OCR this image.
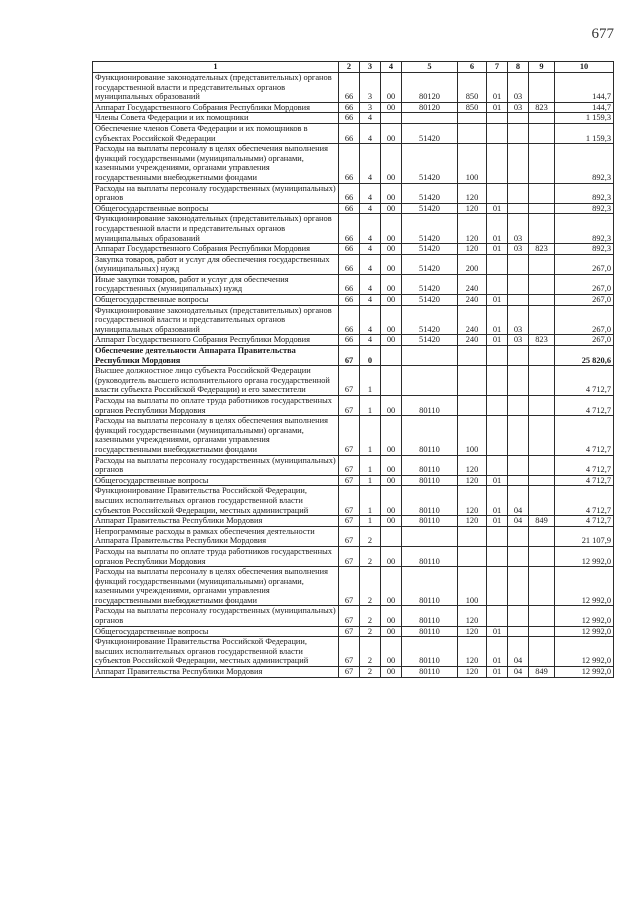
677
1	2	3	4	5	6	7	8	9	10
Функционирование законодательных (представительных) органов государственной власти и представительных органов муниципальных образований	66	3	00	80120	850	01	03		144,7
Аппарат Государственного Собрания Республики Мордовия	66	3	00	80120	850	01	03	823	144,7
Члены Совета Федерации и их помощники	66	4							1 159,3
Обеспечение членов Совета Федерации и их помощников в субъектах Российской Федерации	66	4	00	51420					1 159,3
Расходы на выплаты персоналу в целях обеспечения выполнения функций государственными (муниципальными) органами, казенными учреждениями, органами управления государственными внебюджетными фондами	66	4	00	51420	100				892,3
Расходы на выплаты персоналу государственных (муниципальных) органов	66	4	00	51420	120				892,3
Общегосударственные вопросы	66	4	00	51420	120	01			892,3
Функционирование законодательных (представительных) органов государственной власти и представительных органов муниципальных образований	66	4	00	51420	120	01	03		892,3
Аппарат Государственного Собрания Республики Мордовия	66	4	00	51420	120	01	03	823	892,3
Закупка товаров, работ и услуг для обеспечения государственных (муниципальных) нужд	66	4	00	51420	200				267,0
Иные закупки товаров, работ и услуг для обеспечения государственных (муниципальных) нужд	66	4	00	51420	240				267,0
Общегосударственные вопросы	66	4	00	51420	240	01			267,0
Функционирование законодательных (представительных) органов государственной власти и представительных органов муниципальных образований	66	4	00	51420	240	01	03		267,0
Аппарат Государственного Собрания Республики Мордовия	66	4	00	51420	240	01	03	823	267,0
Обеспечение деятельности Аппарата Правительства Республики Мордовия	67	0							25 820,6
Высшее должностное лицо субъекта Российской Федерации (руководитель высшего исполнительного органа государственной власти субъекта Российской Федерации) и его заместители	67	1							4 712,7
Расходы на выплаты по оплате труда работников государственных органов Республики Мордовия	67	1	00	80110					4 712,7
Расходы на выплаты персоналу в целях обеспечения выполнения функций государственными (муниципальными) органами, казенными учреждениями, органами управления государственными внебюджетными фондами	67	1	00	80110	100				4 712,7
Расходы на выплаты персоналу государственных (муниципальных) органов	67	1	00	80110	120				4 712,7
Общегосударственные вопросы	67	1	00	80110	120	01			4 712,7
Функционирование Правительства Российской Федерации, высших исполнительных органов государственной власти субъектов Российской Федерации, местных администраций	67	1	00	80110	120	01	04		4 712,7
Аппарат Правительства Республики Мордовия	67	1	00	80110	120	01	04	849	4 712,7
Непрограммные расходы в рамках обеспечения деятельности Аппарата Правительства Республики Мордовия	67	2							21 107,9
Расходы на выплаты по оплате труда работников государственных органов Республики Мордовия	67	2	00	80110					12 992,0
Расходы на выплаты персоналу в целях обеспечения выполнения функций государственными (муниципальными) органами, казенными учреждениями, органами управления государственными внебюджетными фондами	67	2	00	80110	100				12 992,0
Расходы на выплаты персоналу государственных (муниципальных) органов	67	2	00	80110	120				12 992,0
Общегосударственные вопросы	67	2	00	80110	120	01			12 992,0
Функционирование Правительства Российской Федерации, высших исполнительных органов государственной власти субъектов Российской Федерации, местных администраций	67	2	00	80110	120	01	04		12 992,0
Аппарат Правительства Республики Мордовия	67	2	00	80110	120	01	04	849	12 992,0
